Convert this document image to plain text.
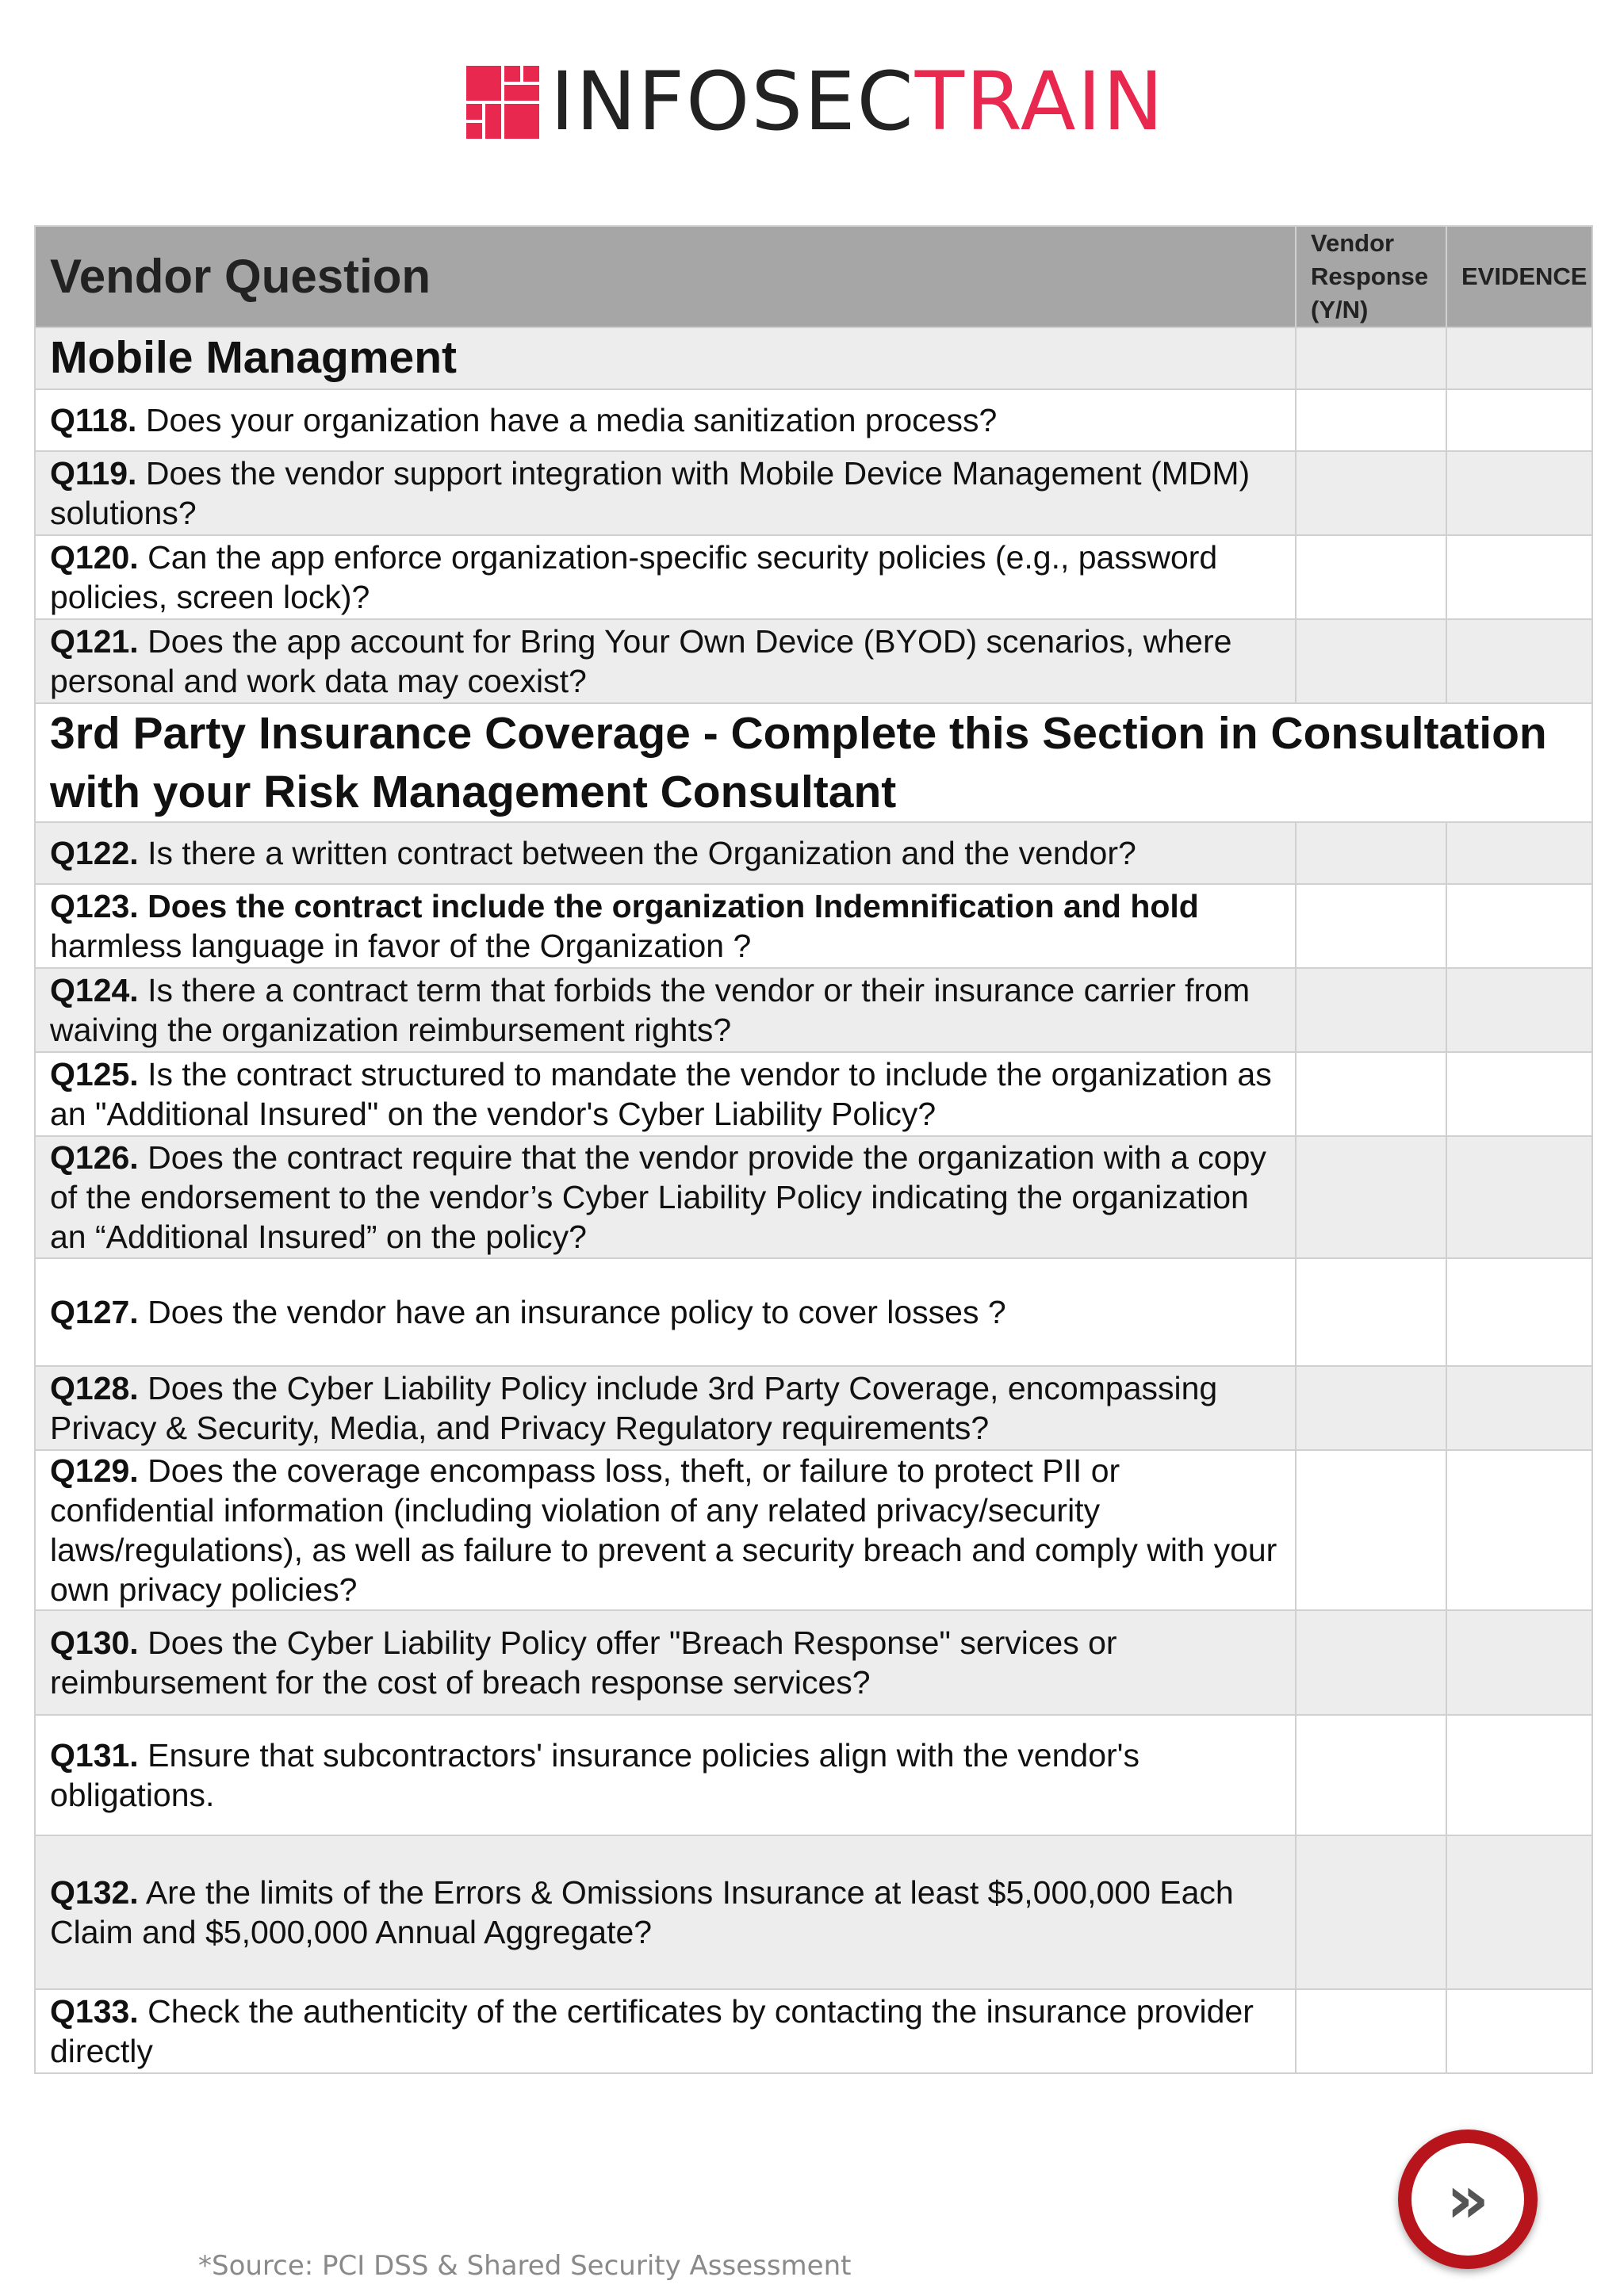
INFOSECTRAIN
Vendor Question	Vendor Response (Y/N)	EVIDENCE
Mobile Managment		
Q118. Does your organization have a media sanitization process?		
Q119. Does the vendor support integration with Mobile Device Management (MDM) solutions?		
Q120. Can the app enforce organization-specific security policies (e.g., password policies, screen lock)?		
Q121. Does the app account for Bring Your Own Device (BYOD) scenarios, where personal and work data may coexist?		
3rd Party Insurance Coverage - Complete this Section in Consultation with your Risk Management Consultant		
Q122. Is there a written contract between the Organization and the vendor?		
Q123. Does the contract include the organization Indemnification and hold harmless language in favor of the Organization ?		
Q124. Is there a contract term that forbids the vendor or their insurance carrier from waiving the organization reimbursement rights?		
Q125. Is the contract structured to mandate the vendor to include the organization as an "Additional Insured" on the vendor's Cyber Liability Policy?		
Q126. Does the contract require that the vendor provide the organization with a copy of the endorsement to the vendor’s Cyber Liability Policy indicating the organization an “Additional Insured” on the policy?		
Q127. Does the vendor have an insurance policy to cover losses ?		
Q128. Does the Cyber Liability Policy include 3rd Party Coverage, encompassing Privacy & Security, Media, and Privacy Regulatory requirements?		
Q129. Does the coverage encompass loss, theft, or failure to protect PII or confidential information (including violation of any related privacy/security laws/regulations), as well as failure to prevent a security breach and comply with your own privacy policies?		
Q130. Does the Cyber Liability Policy offer "Breach Response" services or reimbursement for the cost of breach response services?		
Q131. Ensure that subcontractors' insurance policies align with the vendor's obligations.		
Q132. Are the limits of the Errors & Omissions Insurance at least $5,000,000 Each Claim and $5,000,000 Annual Aggregate?		
Q133. Check the authenticity of the certificates by contacting the insurance provider directly		
*Source: PCI DSS & Shared Security Assessment
»
